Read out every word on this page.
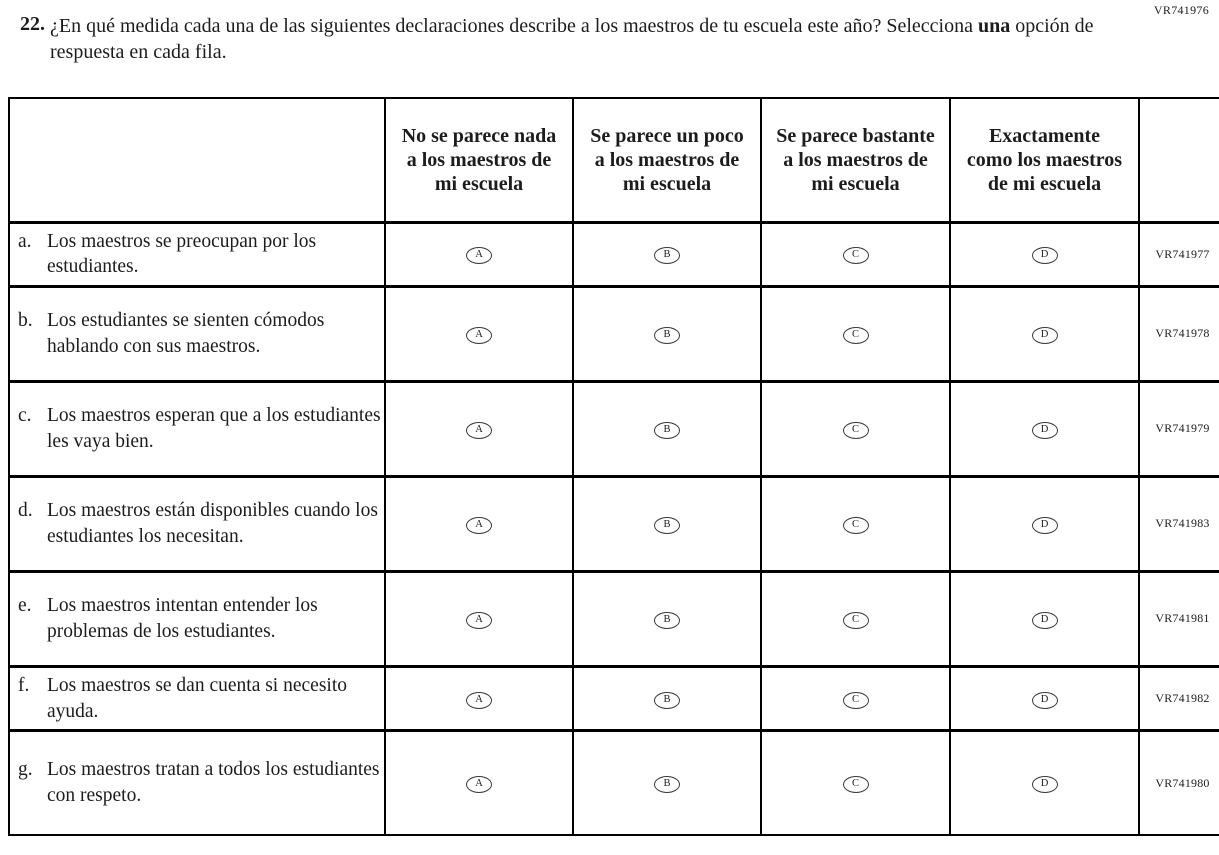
VR741976
22. ¿En qué medida cada una de las siguientes declaraciones describe a los maestros de tu escuela este año? Selecciona una opción de respuesta en cada fila.
	No se parece nada a los maestros de mi escuela	Se parece un poco a los maestros de mi escuela	Se parece bastante a los maestros de mi escuela	Exactamente como los maestros de mi escuela	

a. Los maestros se preocupan por los estudiantes.	A	B	C	D	VR741977

b. Los estudiantes se sienten cómodos hablando con sus maestros.	A	B	C	D	VR741978

c. Los maestros esperan que a los estudiantes les vaya bien.	A	B	C	D	VR741979

d. Los maestros están disponibles cuando los estudiantes los necesitan.	A	B	C	D	VR741983

e. Los maestros intentan entender los problemas de los estudiantes.	A	B	C	D	VR741981

f. Los maestros se dan cuenta si necesito ayuda.	A	B	C	D	VR741982

g. Los maestros tratan a todos los estudiantes con respeto.	A	B	C	D	VR741980
